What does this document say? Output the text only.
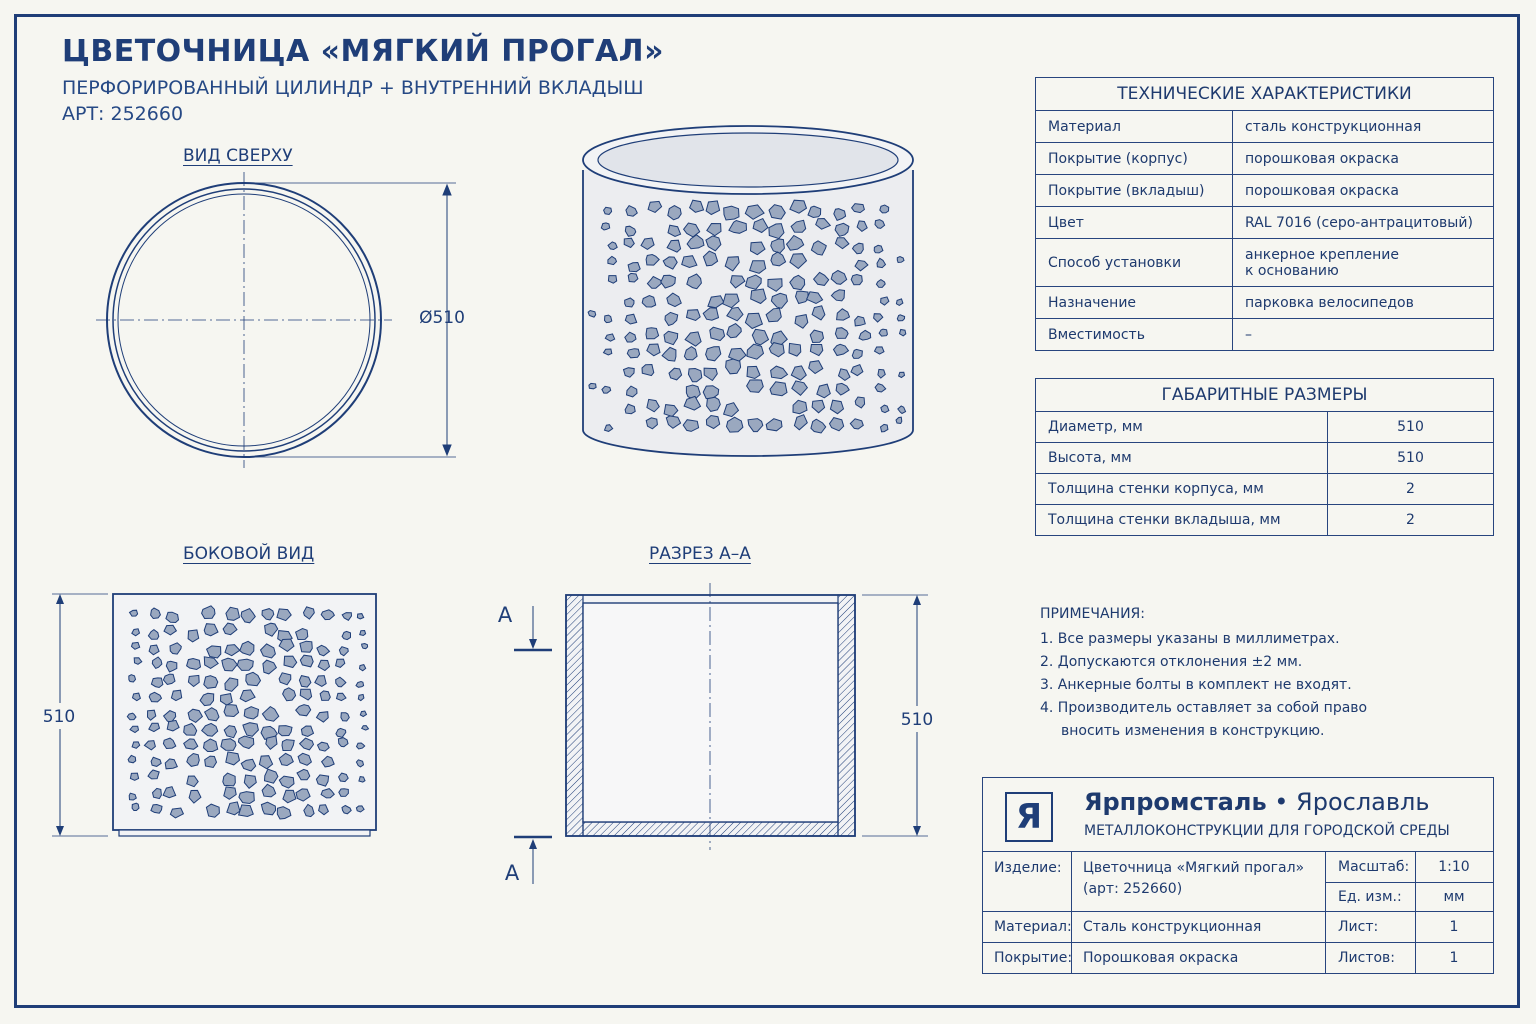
ЦВЕТОЧНИЦА «МЯГКИЙ ПРОГАЛ»
ПЕРФОРИРОВАННЫЙ ЦИЛИНДР + ВНУТРЕННИЙ ВКЛАДЫШ
АРТ: 252660
ВИД СВЕРХУ
БОКОВОЙ ВИД	РАЗРЕЗ А–А
Ø510
510
А
А
510
ТЕХНИЧЕСКИЕ ХАРАКТЕРИСТИКИ	
Материал	сталь конструкционная
Покрытие (корпус)	порошковая окраска
Покрытие (вкладыш)	порошковая окраска
Цвет	RAL 7016 (серо-антрацитовый)
Способ установки	анкерное крепление
к основанию

Назначение	парковка велосипедов
Вместимость	–
ГАБАРИТНЫЕ РАЗМЕРЫ	
Диаметр, мм	510
Высота, мм	510
Толщина стенки корпуса, мм	2
Толщина стенки вкладыша, мм	2
ПРИМЕЧАНИЯ:
1. Все размеры указаны в миллиметрах.
2. Допускаются отклонения ±2 мм.
3. Анкерные болты в комплект не входят.
4. Производитель оставляет за собой право
вносить изменения в конструкцию.
Я	Ярпромсталь • Ярославль
МЕТАЛЛОКОНСТРУКЦИИ ДЛЯ ГОРОДСКОЙ СРЕДЫ
Изделие: Цветочница «Мягкий прогал»
(арт: 252660)
Материал: Сталь конструкционная
Покрытие: Порошковая окраска
Масштаб:	1:10
Ед. изм.:	мм
Лист:	1
Листов:	1
